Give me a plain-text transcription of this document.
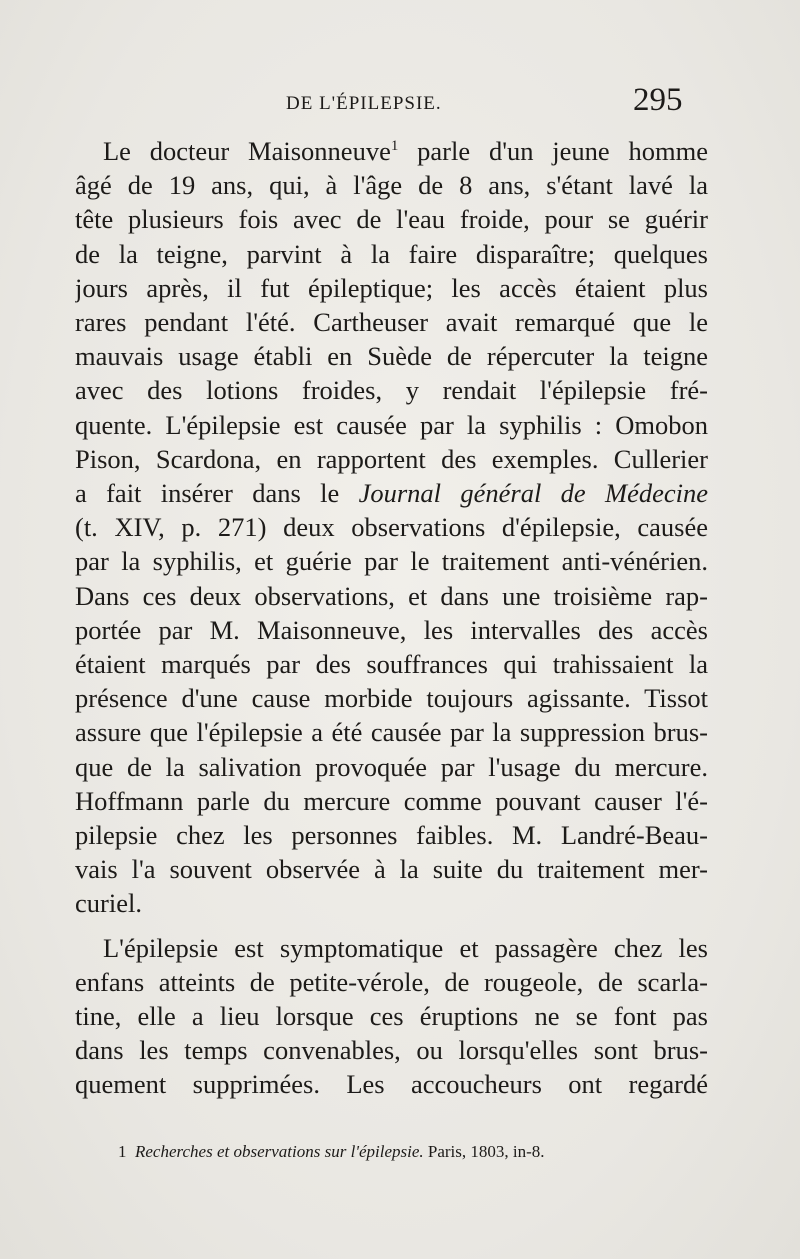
DE L'ÉPILEPSIE.	295
Le docteur Maisonneuve$^1$ parle d'un jeune homme
âgé de 19 ans, qui, à l'âge de 8 ans, s'étant lavé la
tête plusieurs fois avec de l'eau froide, pour se guérir
de la teigne, parvint à la faire disparaître; quelques
jours après, il fut épileptique; les accès étaient plus
rares pendant l'été. Cartheuser avait remarqué que le
mauvais usage établi en Suède de répercuter la teigne
avec des lotions froides, y rendait l'épilepsie fré-
quente. L'épilepsie est causée par la syphilis : Omobon
Pison, Scardona, en rapportent des exemples. Cullerier
a fait insérer dans le Journal général de Médecine
(t. XIV, p. 271) deux observations d'épilepsie, causée
par la syphilis, et guérie par le traitement anti-vénérien.
Dans ces deux observations, et dans une troisième rap-
portée par M. Maisonneuve, les intervalles des accès
étaient marqués par des souffrances qui trahissaient la
présence d'une cause morbide toujours agissante. Tissot
assure que l'épilepsie a été causée par la suppression brus-
que de la salivation provoquée par l'usage du mercure.
Hoffmann parle du mercure comme pouvant causer l'é-
pilepsie chez les personnes faibles. M. Landré-Beau-
vais l'a souvent observée à la suite du traitement mer-
curiel.
L'épilepsie est symptomatique et passagère chez les
enfans atteints de petite-vérole, de rougeole, de scarla-
tine, elle a lieu lorsque ces éruptions ne se font pas
dans les temps convenables, ou lorsqu'elles sont brus-
quement supprimées. Les accoucheurs ont regardé
1 Recherches et observations sur l'épilepsie. Paris, 1803, in-8.
